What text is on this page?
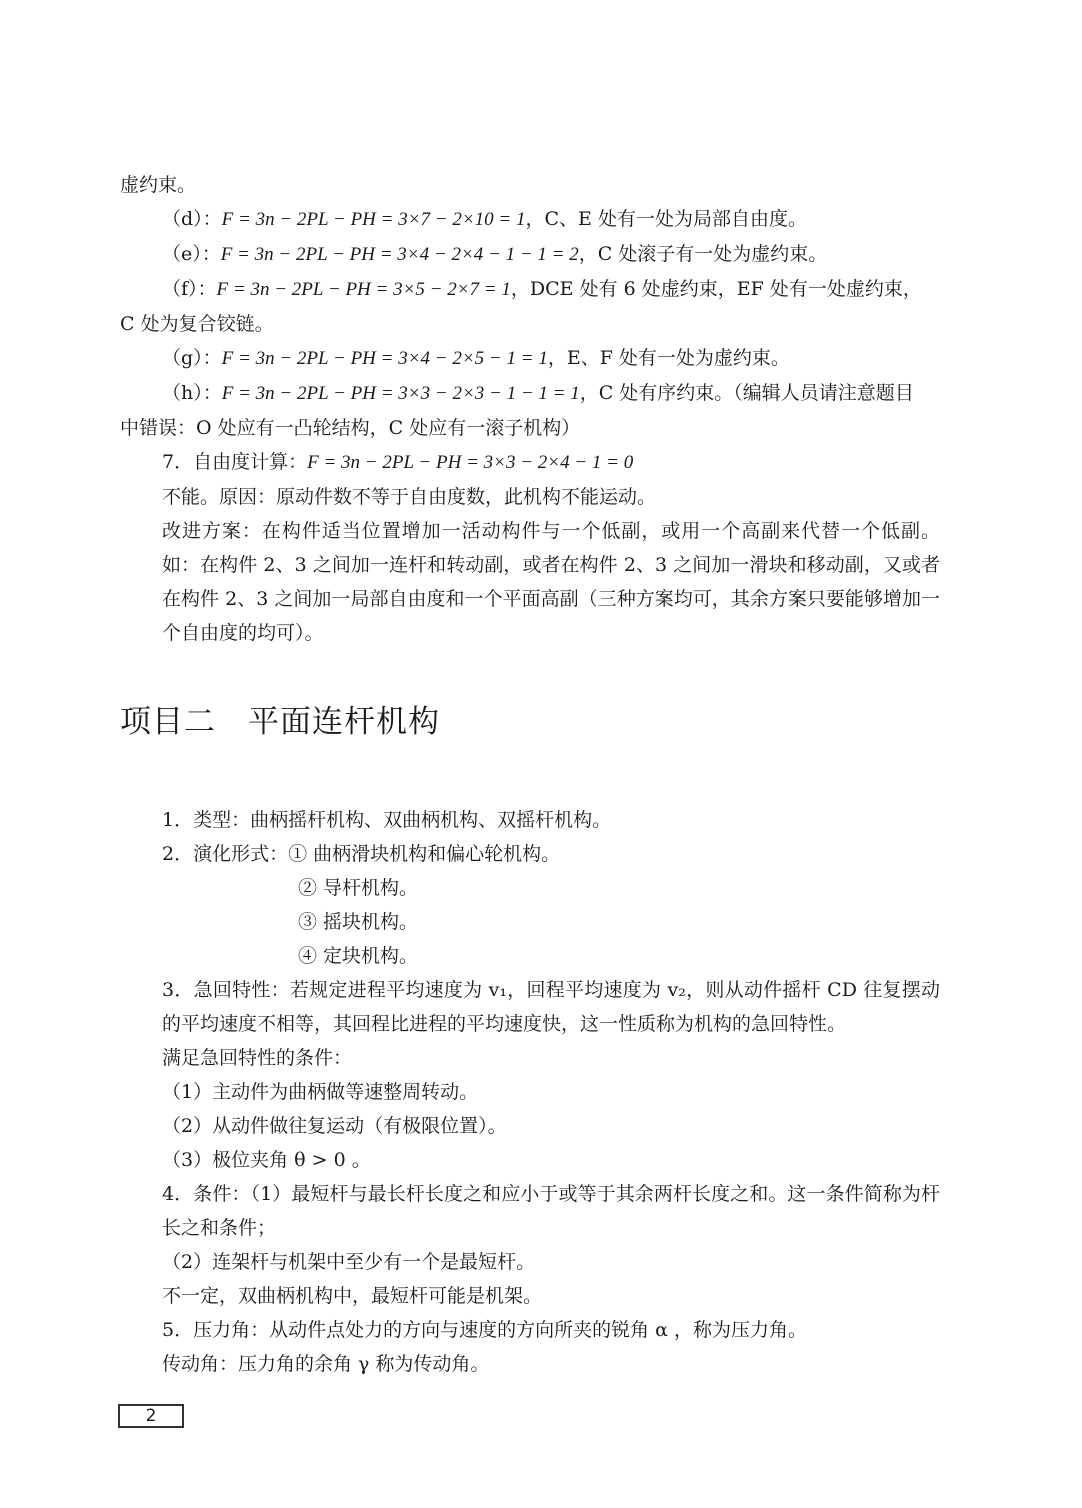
虚约束。

（d）：F = 3n − 2PL − PH = 3×7 − 2×10 = 1，C、E 处有一处为局部自由度。

（e）：F = 3n − 2PL − PH = 3×4 − 2×4 − 1 − 1 = 2，C 处滚子有一处为虚约束。

（f）：F = 3n − 2PL − PH = 3×5 − 2×7 = 1，DCE 处有 6 处虚约束，EF 处有一处虚约束，

C 处为复合铰链。

（g）：F = 3n − 2PL − PH = 3×4 − 2×5 − 1 = 1，E、F 处有一处为虚约束。

（h）：F = 3n − 2PL − PH = 3×3 − 2×3 − 1 − 1 = 1，C 处有序约束。（编辑人员请注意题目

中错误：O 处应有一凸轮结构，C 处应有一滚子机构）

7．自由度计算：F = 3n − 2PL − PH = 3×3 − 2×4 − 1 = 0

不能。原因：原动件数不等于自由度数，此机构不能运动。

改进方案：在构件适当位置增加一活动构件与一个低副，或用一个高副来代替一个低副。如：在构件 2、3 之间加一连杆和转动副，或者在构件 2、3 之间加一滑块和移动副，又或者在构件 2、3 之间加一局部自由度和一个平面高副（三种方案均可，其余方案只要能够增加一个自由度的均可）。

项目二　平面连杆机构

1．类型：曲柄摇杆机构、双曲柄机构、双摇杆机构。

2．演化形式：① 曲柄滑块机构和偏心轮机构。

② 导杆机构。

③ 摇块机构。

④ 定块机构。

3．急回特性：若规定进程平均速度为 v₁，回程平均速度为 v₂，则从动件摇杆 CD 往复摆动的平均速度不相等，其回程比进程的平均速度快，这一性质称为机构的急回特性。

满足急回特性的条件：

（1）主动件为曲柄做等速整周转动。

（2）从动件做往复运动（有极限位置）。

（3）极位夹角 θ > 0 。

4．条件：（1）最短杆与最长杆长度之和应小于或等于其余两杆长度之和。这一条件简称为杆长之和条件；

（2）连架杆与机架中至少有一个是最短杆。

不一定，双曲柄机构中，最短杆可能是机架。

5．压力角：从动件点处力的方向与速度的方向所夹的锐角 α ，称为压力角。

传动角：压力角的余角 γ 称为传动角。

2
